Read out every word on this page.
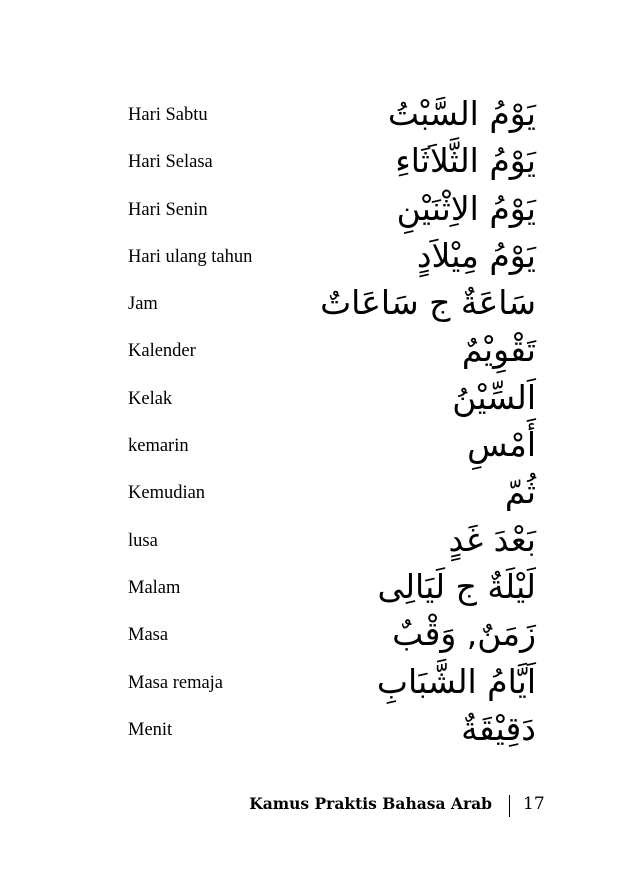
Hari Sabtu	يَوْمُ السَّبْتُ
Hari Selasa	يَوْمُ الثَّلاَثَاءِ
Hari Senin	يَوْمُ الاِثْنَيْنِ
Hari ulang tahun	يَوْمُ مِيْلاَدٍ
Jam	سَاعَةٌ ج سَاعَاتٌ
Kalender	تَقْوِيْمٌ
Kelak	اَلسِّيْنُ
kemarin	أَمْسِ
Kemudian	ثُمّ
lusa	بَعْدَ غَدٍ
Malam	لَيْلَةٌ ج لَيَالِى
Masa	زَمَنٌ, وَقْبٌ
Masa remaja	اَيَّامُ الشَّبَابِ
Menit	دَقِيْقَةٌ
Kamus Praktis Bahasa Arab 17
